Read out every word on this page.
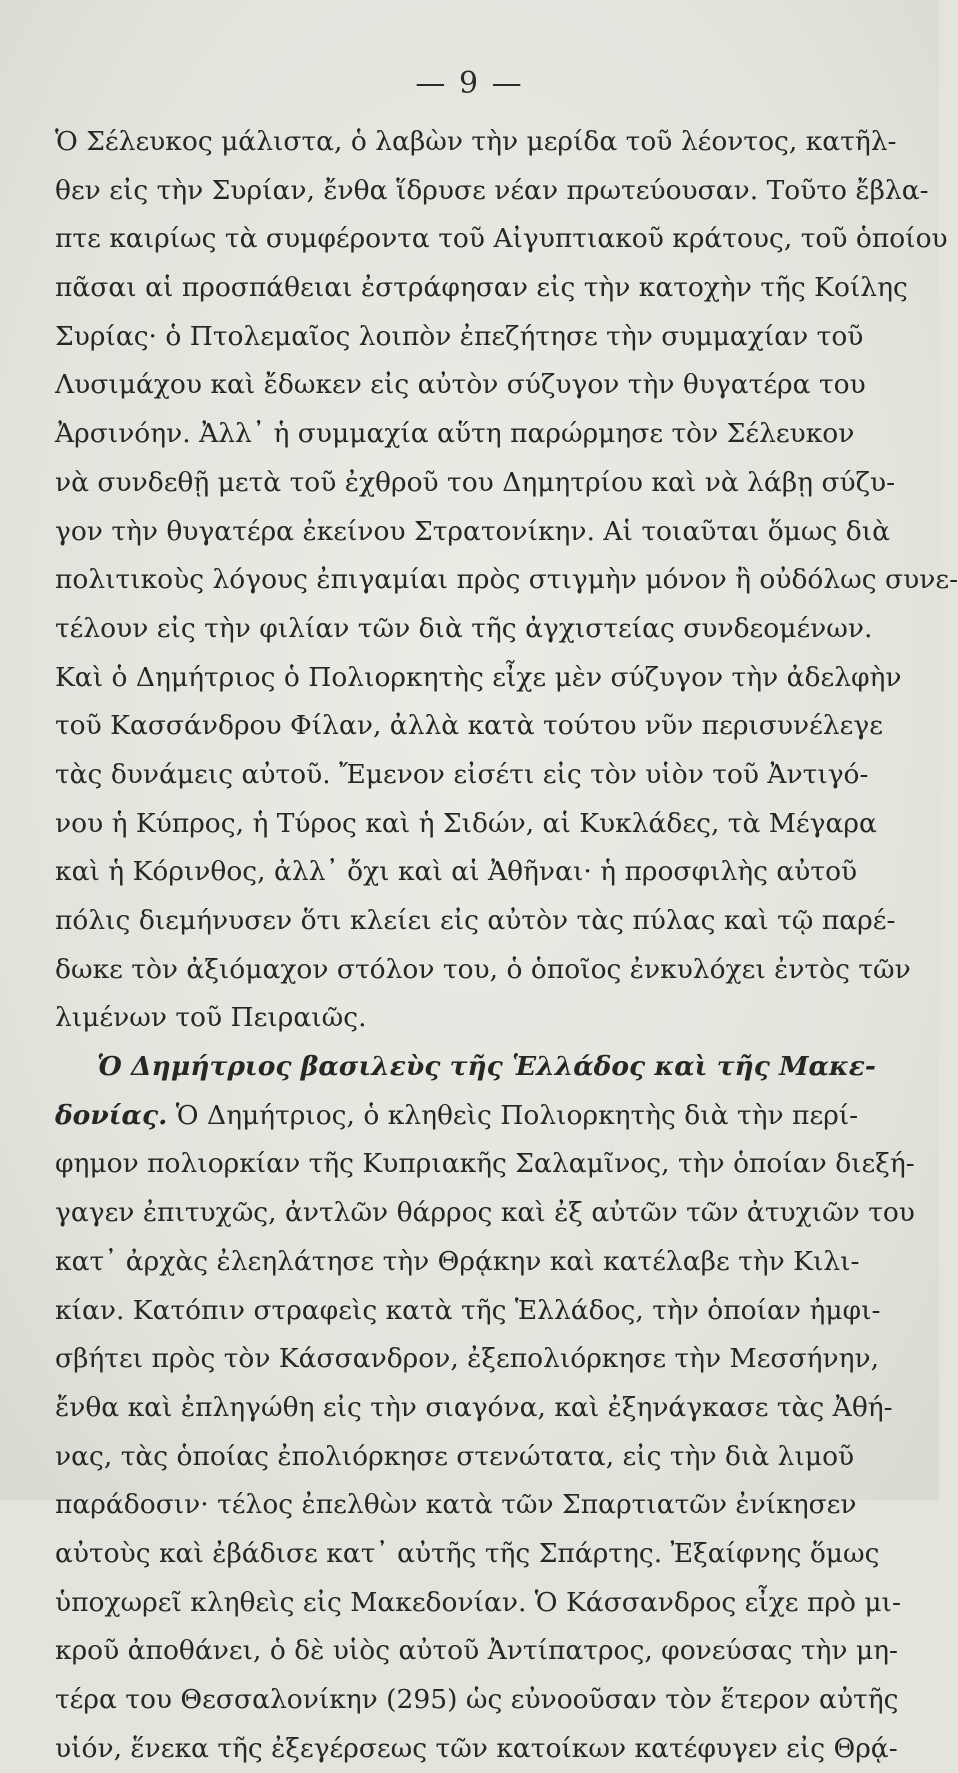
— 9 —
Ὁ Σέλευκος μάλιστα, ὁ λαβὼν τὴν μερίδα τοῦ λέοντος, κατῆλ-
θεν εἰς τὴν Συρίαν, ἔνθα ἵδρυσε νέαν πρωτεύουσαν. Τοῦτο ἔβλα-
πτε καιρίως τὰ συμφέροντα τοῦ Αἰγυπτιακοῦ κράτους, τοῦ ὁποίου
πᾶσαι αἱ προσπάθειαι ἐστράφησαν εἰς τὴν κατοχὴν τῆς Κοίλης
Συρίας· ὁ Πτολεμαῖος λοιπὸν ἐπεζήτησε τὴν συμμαχίαν τοῦ
Λυσιμάχου καὶ ἔδωκεν εἰς αὐτὸν σύζυγον τὴν θυγατέρα του
Ἀρσινόην. Ἀλλ᾽ ἡ συμμαχία αὕτη παρώρμησε τὸν Σέλευκον
νὰ συνδεθῇ μετὰ τοῦ ἐχθροῦ του Δημητρίου καὶ νὰ λάβῃ σύζυ-
γον τὴν θυγατέρα ἐκείνου Στρατονίκην. Αἱ τοιαῦται ὅμως διὰ
πολιτικοὺς λόγους ἐπιγαμίαι πρὸς στιγμὴν μόνον ἢ οὐδόλως συνε-
τέλουν εἰς τὴν φιλίαν τῶν διὰ τῆς ἀγχιστείας συνδεομένων.
Καὶ ὁ Δημήτριος ὁ Πολιορκητὴς εἶχε μὲν σύζυγον τὴν ἀδελφὴν
τοῦ Κασσάνδρου Φίλαν, ἀλλὰ κατὰ τούτου νῦν περισυνέλεγε
τὰς δυνάμεις αὐτοῦ. Ἔμενον εἰσέτι εἰς τὸν υἱὸν τοῦ Ἀντιγό-
νου ἡ Κύπρος, ἡ Τύρος καὶ ἡ Σιδών, αἱ Κυκλάδες, τὰ Μέγαρα
καὶ ἡ Κόρινθος, ἀλλ᾽ ὄχι καὶ αἱ Ἀθῆναι· ἡ προσφιλὴς αὐτοῦ
πόλις διεμήνυσεν ὅτι κλείει εἰς αὐτὸν τὰς πύλας καὶ τῷ παρέ-
δωκε τὸν ἀξιόμαχον στόλον του, ὁ ὁποῖος ἐνκυλόχει ἐντὸς τῶν
λιμένων τοῦ Πειραιῶς.
Ὁ Δημήτριος βασιλεὺς τῆς Ἑλλάδος καὶ τῆς Μακε-
δονίας. Ὁ Δημήτριος, ὁ κληθεὶς Πολιορκητὴς διὰ τὴν περί-
φημον πολιορκίαν τῆς Κυπριακῆς Σαλαμῖνος, τὴν ὁποίαν διεξή-
γαγεν ἐπιτυχῶς, ἀντλῶν θάρρος καὶ ἐξ αὐτῶν τῶν ἀτυχιῶν του
κατ᾽ ἀρχὰς ἐλεηλάτησε τὴν Θρᾴκην καὶ κατέλαβε τὴν Κιλι-
κίαν. Κατόπιν στραφεὶς κατὰ τῆς Ἑλλάδος, τὴν ὁποίαν ἠμφι-
σβήτει πρὸς τὸν Κάσσανδρον, ἐξεπολιόρκησε τὴν Μεσσήνην,
ἔνθα καὶ ἐπληγώθη εἰς τὴν σιαγόνα, καὶ ἐξηνάγκασε τὰς Ἀθή-
νας, τὰς ὁποίας ἐπολιόρκησε στενώτατα, εἰς τὴν διὰ λιμοῦ
παράδοσιν· τέλος ἐπελθὼν κατὰ τῶν Σπαρτιατῶν ἐνίκησεν
αὐτοὺς καὶ ἐβάδισε κατ᾽ αὐτῆς τῆς Σπάρτης. Ἐξαίφνης ὅμως
ὑποχωρεῖ κληθεὶς εἰς Μακεδονίαν. Ὁ Κάσσανδρος εἶχε πρὸ μι-
κροῦ ἀποθάνει, ὁ δὲ υἱὸς αὐτοῦ Ἀντίπατρος, φονεύσας τὴν μη-
τέρα του Θεσσαλονίκην (295) ὡς εὐνοοῦσαν τὸν ἕτερον αὐτῆς
υἱόν, ἕνεκα τῆς ἐξεγέρσεως τῶν κατοίκων κατέφυγεν εἰς Θρᾴ-
